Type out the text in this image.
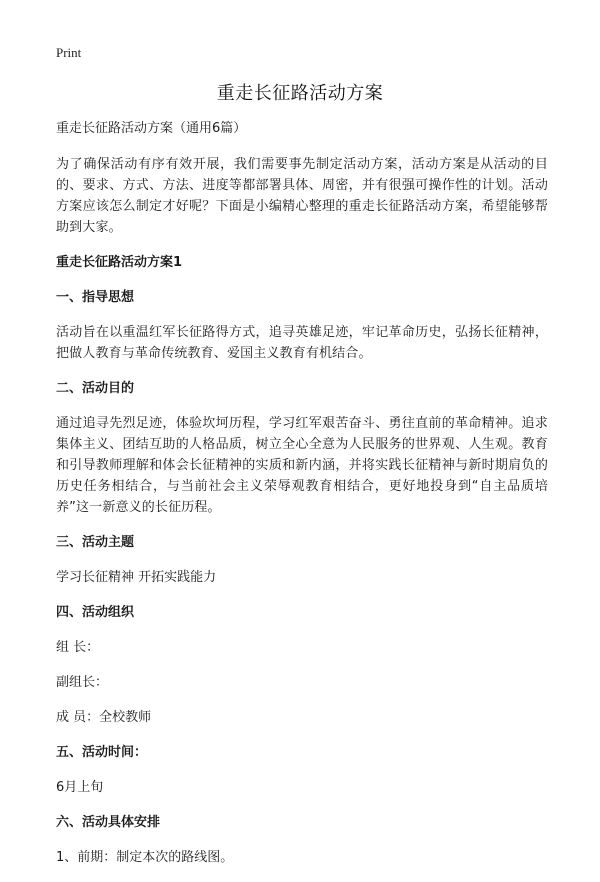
Print
重走长征路活动方案
重走长征路活动方案（通用6篇）
为了确保活动有序有效开展，我们需要事先制定活动方案，活动方案是从活动的目的、要求、方式、方法、进度等都部署具体、周密，并有很强可操作性的计划。活动方案应该怎么制定才好呢？下面是小编精心整理的重走长征路活动方案，希望能够帮助到大家。
重走长征路活动方案1
一、指导思想
活动旨在以重温红军长征路得方式，追寻英雄足迹，牢记革命历史，弘扬长征精神，把做人教育与革命传统教育、爱国主义教育有机结合。
二、活动目的
通过追寻先烈足迹，体验坎坷历程，学习红军艰苦奋斗、勇往直前的革命精神。追求集体主义、团结互助的人格品质，树立全心全意为人民服务的世界观、人生观。教育和引导教师理解和体会长征精神的实质和新内涵，并将实践长征精神与新时期肩负的历史任务相结合，与当前社会主义荣辱观教育相结合，更好地投身到“自主品质培养”这一新意义的长征历程。
三、活动主题
学习长征精神 开拓实践能力
四、活动组织
组 长：
副组长：
成 员：全校教师
五、活动时间：
6月上旬
六、活动具体安排
1、前期：制定本次的路线图。
